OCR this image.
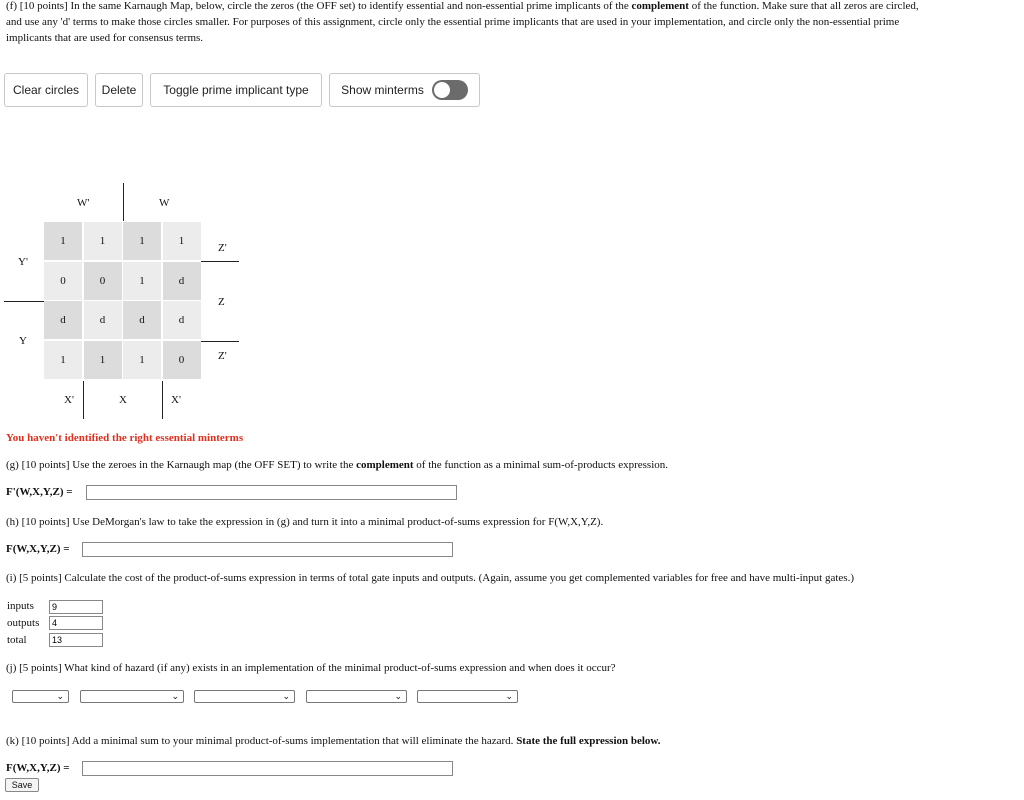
(f) [10 points] In the same Karnaugh Map, below, circle the zeros (the OFF set) to identify essential and non-essential prime implicants of the complement of the function. Make sure that all zeros are circled,
and use any 'd' terms to make those circles smaller. For purposes of this assignment, circle only the essential prime implicants that are used in your implementation, and circle only the non-essential prime
implicants that are used for consensus terms.

Clear circles Delete Toggle prime implicant type	Show minterms
W'	W
Y'
Y
Z'
Z
Z'
1	1	1	1
0	0	1	d
d	d	d	d
1	1	1	0
X'	X	X'
You haven't identified the right essential minterms

(g) [10 points] Use the zeroes in the Karnaugh map (the OFF SET) to write the complement of the function as a minimal sum-of-products expression.

F'(W,X,Y,Z) =

(h) [10 points] Use DeMorgan's law to take the expression in (g) and turn it into a minimal product-of-sums expression for F(W,X,Y,Z).

F(W,X,Y,Z) =

(i) [5 points] Calculate the cost of the product-of-sums expression in terms of total gate inputs and outputs. (Again, assume you get complemented variables for free and have multi-input gates.)

inputs
9
outputs
4
total
13

(j) [5 points] What kind of hazard (if any) exists in an implementation of the minimal product-of-sums expression and when does it occur?

⌄	⌄	⌄	⌄	⌄

(k) [10 points] Add a minimal sum to your minimal product-of-sums implementation that will eliminate the hazard. State the full expression below.

F(W,X,Y,Z) =
Save
